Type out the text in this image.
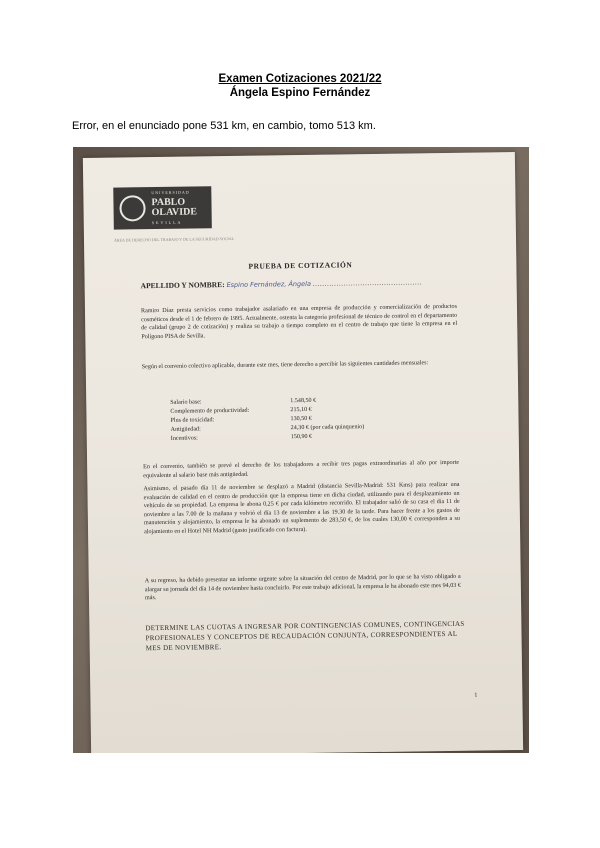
Examen Cotizaciones 2021/22
Ángela Espino Fernández
Error, en el enunciado pone 531 km, en cambio, tomo 513 km.
UNIVERSIDAD
PABLO
OLAVIDE
SEVILLA
ÁREA DE DERECHO DEL TRABAJO Y DE LA SEGURIDAD SOCIAL
PRUEBA DE COTIZACIÓN
APELLIDO Y NOMBRE: Espino Fernández, Ángela ..............................................
Ramiro Díaz presta servicios como trabajador asalariado en una empresa de producción y comercialización de productos cosméticos desde el 1 de febrero de 1995. Actualmente, ostenta la categoría profesional de técnico de control en el departamento de calidad (grupo 2 de cotización) y realiza su trabajo a tiempo completo en el centro de trabajo que tiene la empresa en el Polígono PISA de Sevilla.
Según el convenio colectivo aplicable, durante este mes, tiene derecho a percibir las siguientes cantidades mensuales:
Salario base:	1.548,50 €
Complemento de productividad:	215,10 €
Plus de toxicidad:	130,50 €
Antigüedad:	24,30 € (por cada quinquenio)
Incentivos:	150,90 €
En el convenio, también se prevé el derecho de los trabajadores a recibir tres pagas extraordinarias al año por importe equivalente al salario base más antigüedad.
Asimismo, el pasado día 11 de noviembre se desplazó a Madrid (distancia Sevilla-Madrid: 531 Kms) para realizar una evaluación de calidad en el centro de producción que la empresa tiene en dicha ciudad, utilizando para el desplazamiento un vehículo de su propiedad. La empresa le abona 0,25 € por cada kilómetro recorrido. El trabajador salió de su casa el día 11 de noviembre a las 7.00 de la mañana y volvió el día 13 de noviembre a las 19.30 de la tarde. Para hacer frente a los gastos de manutención y alojamiento, la empresa le ha abonado un suplemento de 283,50 €, de los cuales 130,00 € corresponden a su alojamiento en el Hotel NH Madrid (gasto justificado con factura).
A su regreso, ha debido presentar un informe urgente sobre la situación del centro de Madrid, por lo que se ha visto obligado a alargar su jornada del día 14 de noviembre hasta concluirlo. Por este trabajo adicional, la empresa le ha abonado este mes 94,03 € más.
DETERMINE LAS CUOTAS A INGRESAR POR CONTINGENCIAS COMUNES, CONTINGENCIAS PROFESIONALES Y CONCEPTOS DE RECAUDACIÓN CONJUNTA, CORRESPONDIENTES AL MES DE NOVIEMBRE.
1
